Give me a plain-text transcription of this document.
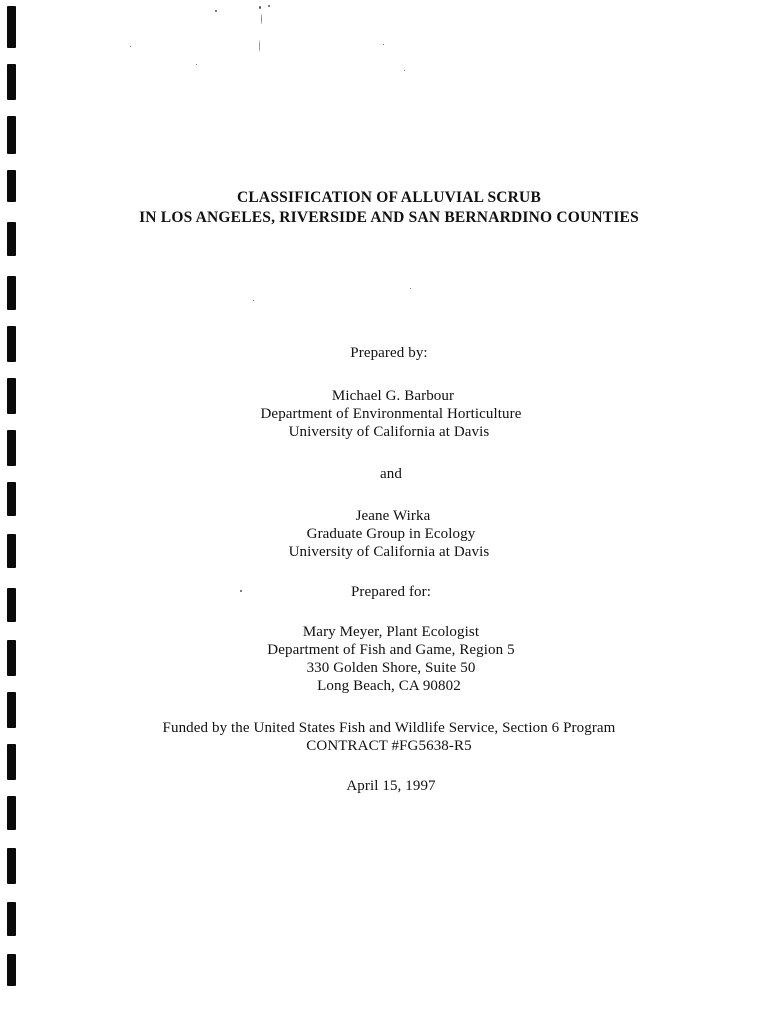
CLASSIFICATION OF ALLUVIAL SCRUB
IN LOS ANGELES, RIVERSIDE AND SAN BERNARDINO COUNTIES
Prepared by:
Michael G. Barbour
Department of Environmental Horticulture
University of California at Davis
and
Jeane Wirka
Graduate Group in Ecology
University of California at Davis
Prepared for:
Mary Meyer, Plant Ecologist
Department of Fish and Game, Region 5
330 Golden Shore, Suite 50
Long Beach, CA 90802
Funded by the United States Fish and Wildlife Service, Section 6 Program
CONTRACT #FG5638-R5
April 15, 1997
